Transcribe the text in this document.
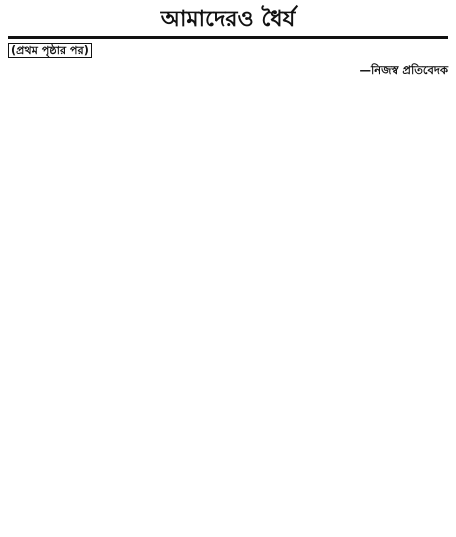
আমাদেরও ধৈর্য
(প্রথম পৃষ্ঠার পর)
—নিজস্ব প্রতিবেদক
